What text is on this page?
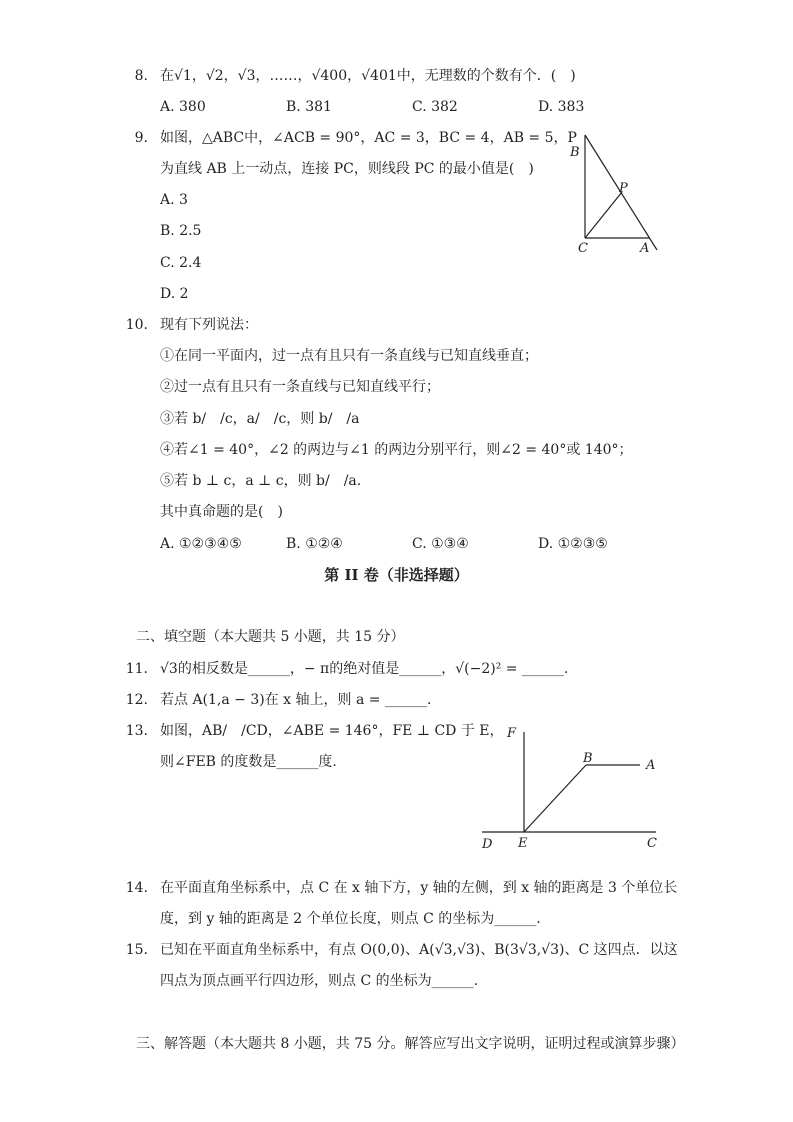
8. 在√1，√2，√3，……，√400，√401中，无理数的个数有个．(　)
A. 380	B. 381	C. 382	D. 383
9. 如图，△ABC中，∠ACB = 90°，AC = 3，BC = 4，AB = 5，P
为直线 AB 上一动点，连接 PC，则线段 PC 的最小值是(　)
A. 3
B. 2.5
C. 2.4
D. 2
B
P
C	A
10. 现有下列说法：
①在同一平面内，过一点有且只有一条直线与已知直线垂直；
②过一点有且只有一条直线与已知直线平行；
③若 b/　/c，a/　/c，则 b/　/a
④若∠1 = 40°，∠2 的两边与∠1 的两边分别平行，则∠2 = 40°或 140°；
⑤若 b ⊥ c，a ⊥ c，则 b/　/a.
其中真命题的是(　)
A. ①②③④⑤	B. ①②④	C. ①③④	D. ①②③⑤
第 II 卷（非选择题）
二、填空题（本大题共 5 小题，共 15 分）
11. √3的相反数是______，− π的绝对值是______，√(−2)² = ______.
12. 若点 A(1,a − 3)在 x 轴上，则 a = ______.
13. 如图，AB/　/CD，∠ABE = 146°，FE ⊥ CD 于 E，
则∠FEB 的度数是______度.
F
B	A
D E	C
14. 在平面直角坐标系中，点 C 在 x 轴下方，y 轴的左侧，到 x 轴的距离是 3 个单位长
度，到 y 轴的距离是 2 个单位长度，则点 C 的坐标为______.
15. 已知在平面直角坐标系中，有点 O(0,0)、A(√3,√3)、B(3√3,√3)、C 这四点．以这
四点为顶点画平行四边形，则点 C 的坐标为______.
三、解答题（本大题共 8 小题，共 75 分。解答应写出文字说明，证明过程或演算步骤）
